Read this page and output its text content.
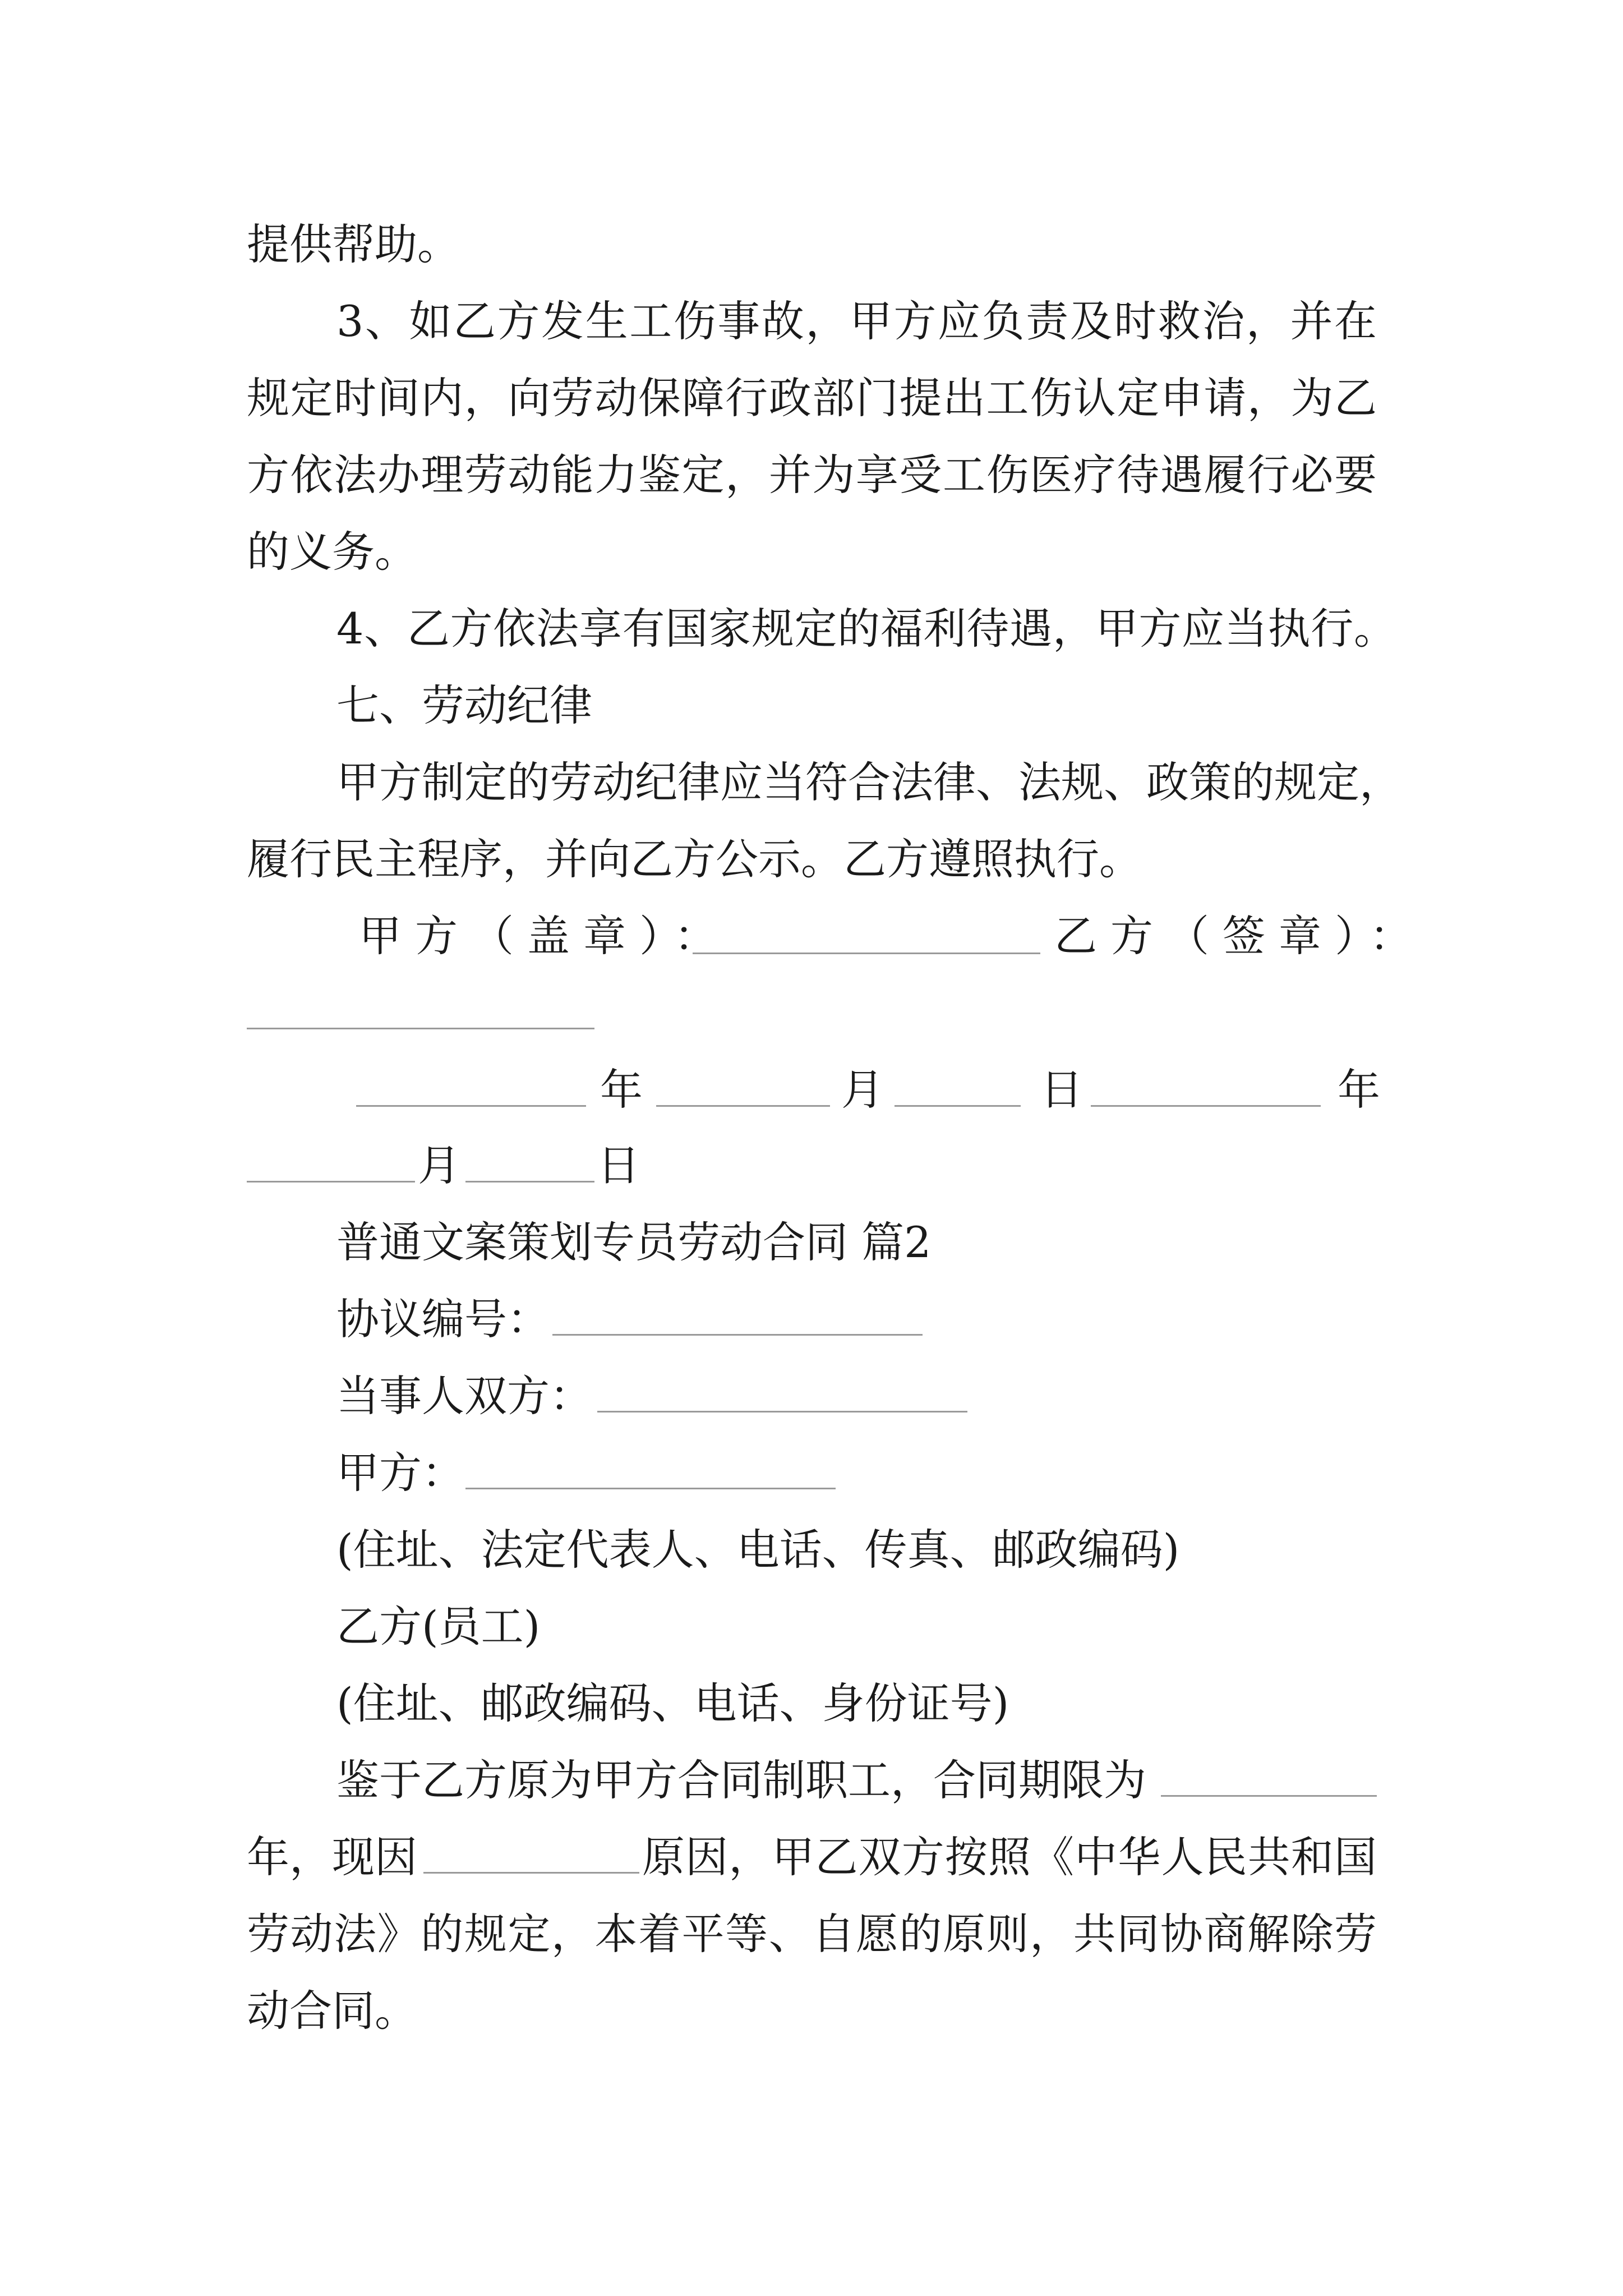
提供帮助。
3、如乙方发生工伤事故，甲方应负责及时救治，并在
规定时间内，向劳动保障行政部门提出工伤认定申请，为乙
方依法办理劳动能力鉴定，并为享受工伤医疗待遇履行必要
的义务。
4、乙方依法享有国家规定的福利待遇，甲方应当执行。
七、劳动纪律
甲方制定的劳动纪律应当符合法律、法规、政策的规定，
履行民主程序，并向乙方公示。乙方遵照执行。
甲方（盖章）：	乙方（签章）：
年	月	日	年
月	日
普通文案策划专员劳动合同 篇2
协议编号：
当事人双方：
甲方：
(住址、法定代表人、电话、传真、邮政编码)
乙方(员工)
(住址、邮政编码、电话、身份证号)
鉴于乙方原为甲方合同制职工，合同期限为
年，现因	原因，甲乙双方按照《中华人民共和国
劳动法》的规定，本着平等、自愿的原则，共同协商解除劳
动合同。
